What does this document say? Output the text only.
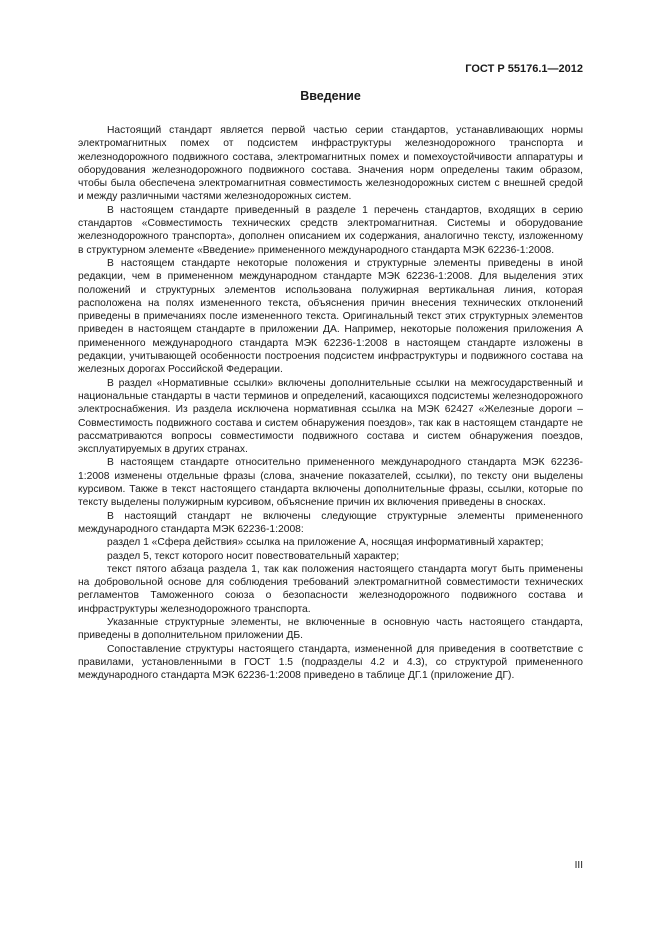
ГОСТ Р 55176.1—2012
Введение

Настоящий стандарт является первой частью серии стандартов, устанавливающих нормы электромагнитных помех от подсистем инфраструктуры железнодорожного транспорта и железнодорожного подвижного состава, электромагнитных помех и помехоустойчивости аппаратуры и оборудования железнодорожного подвижного состава. Значения норм определены таким образом, чтобы была обеспечена электромагнитная совместимость железнодорожных систем с внешней средой и между различными частями железнодорожных систем.

В настоящем стандарте приведенный в разделе 1 перечень стандартов, входящих в серию стандартов «Совместимость технических средств электромагнитная. Системы и оборудование железнодорожного транспорта», дополнен описанием их содержания, аналогично тексту, изложенному в структурном элементе «Введение» примененного международного стандарта МЭК 62236-1:2008.

В настоящем стандарте некоторые положения и структурные элементы приведены в иной редакции, чем в примененном международном стандарте МЭК 62236-1:2008. Для выделения этих положений и структурных элементов использована полужирная вертикальная линия, которая расположена на полях измененного текста, объяснения причин внесения технических отклонений приведены в примечаниях после измененного текста. Оригинальный текст этих структурных элементов приведен в настоящем стандарте в приложении ДА. Например, некоторые положения приложения А примененного международного стандарта МЭК 62236-1:2008 в настоящем стандарте изложены в редакции, учитывающей особенности построения подсистем инфраструктуры и подвижного состава на железных дорогах Российской Федерации.

В раздел «Нормативные ссылки» включены дополнительные ссылки на межгосударственный и национальные стандарты в части терминов и определений, касающихся подсистемы железнодорожного электроснабжения. Из раздела исключена нормативная ссылка на МЭК 62427 «Железные дороги – Совместимость подвижного состава и систем обнаружения поездов», так как в настоящем стандарте не рассматриваются вопросы совместимости подвижного состава и систем обнаружения поездов, эксплуатируемых в других странах.

В настоящем стандарте относительно примененного международного стандарта МЭК 62236-1:2008 изменены отдельные фразы (слова, значение показателей, ссылки), по тексту они выделены курсивом. Также в текст настоящего стандарта включены дополнительные фразы, ссылки, которые по тексту выделены полужирным курсивом, объяснение причин их включения приведены в сносках.

В настоящий стандарт не включены следующие структурные элементы примененного международного стандарта МЭК 62236-1:2008:

раздел 1 «Сфера действия» ссылка на приложение А, носящая информативный характер;

раздел 5, текст которого носит повествовательный характер;

текст пятого абзаца раздела 1, так как положения настоящего стандарта могут быть применены на добровольной основе для соблюдения требований электромагнитной совместимости технических регламентов Таможенного союза о безопасности железнодорожного подвижного состава и инфраструктуры железнодорожного транспорта.

Указанные структурные элементы, не включенные в основную часть настоящего стандарта, приведены в дополнительном приложении ДБ.

Сопоставление структуры настоящего стандарта, измененной для приведения в соответствие с правилами, установленными в ГОСТ 1.5 (подразделы 4.2 и 4.3), со структурой примененного международного стандарта МЭК 62236-1:2008 приведено в таблице ДГ.1 (приложение ДГ).

III
